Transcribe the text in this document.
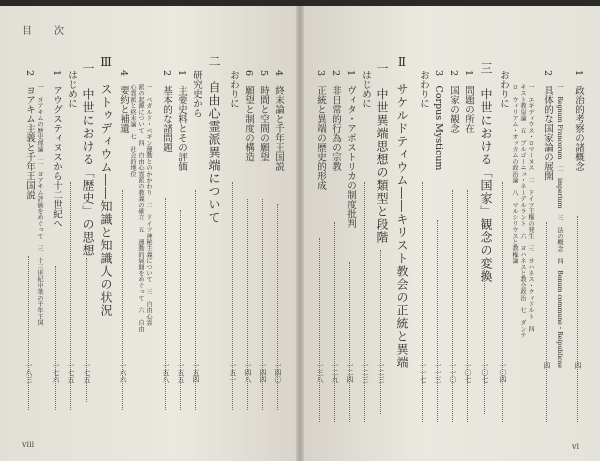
目　次
viii	vi
4　終末論と千年王国説
一四〇
5　時間と空間の願望
一四四
6　願望と制度の構造
一四八
おわりに
一五一
二　自由心霊派異端について
研究史から
一五四
1　主要史料とその評価
一五五
2　基本的な諸問題
一五八
一　ベガルド・ベギン運動とのかかわり　二　ドイツ神秘主義について　三　自由心霊
派の起源について　四　自由心霊派の教義の確立　五　運動的展開をめぐって　六　自由
心霊派と終末論　七　社会的地位
4　要約と補遺
一六六
Ⅲ　ストゥディウム――知識と知識人の状況
一　中世における「歴史」の思想
一七五
はじめに
一七五
1　アウグスティヌスから十二世紀へ
一七六
一　ヨアキムの歴史理論　二　ヨアキム評価をめぐって　三　十三世紀中葉の千年王国
2　ヨアキム主義と千年王国説
一八三
1　政治的考察の諸概念
四
一　Regnum Francorum　二　imperium　三　法の概念　四　Bonum commune・Reipublicae
2　具体的な国家論の展開
四
一　エギディウス・ロマーヌス　二　ドイツ王権の発生　三　ヨハネス・クィドルト　四
キスト教皇論　五　ブルゴーニュ・ネーデルラント　六　ヨハネスと教会政治　七　ダンテ
ロ　ウィリアム・オッカムの政治論　八　マルシリウスと教権論
おわりに
一〇四
三　中世における「国家」観念の変換
一〇七
1　問題の所在
一〇七
2　国家の観念
一一〇
3　Corpus Mysticum
一一三
おわりに
一一七
Ⅱ　サケルドティウム――キリスト教会の正統と異端
一　中世異端思想の類型と段階
一二三
はじめに
一二三
1　ヴィタ・アポストリカの制度批判
一二四
2　非日常的行為の宗教
一二九
3　正統と異端の歴史的形成
一三八
